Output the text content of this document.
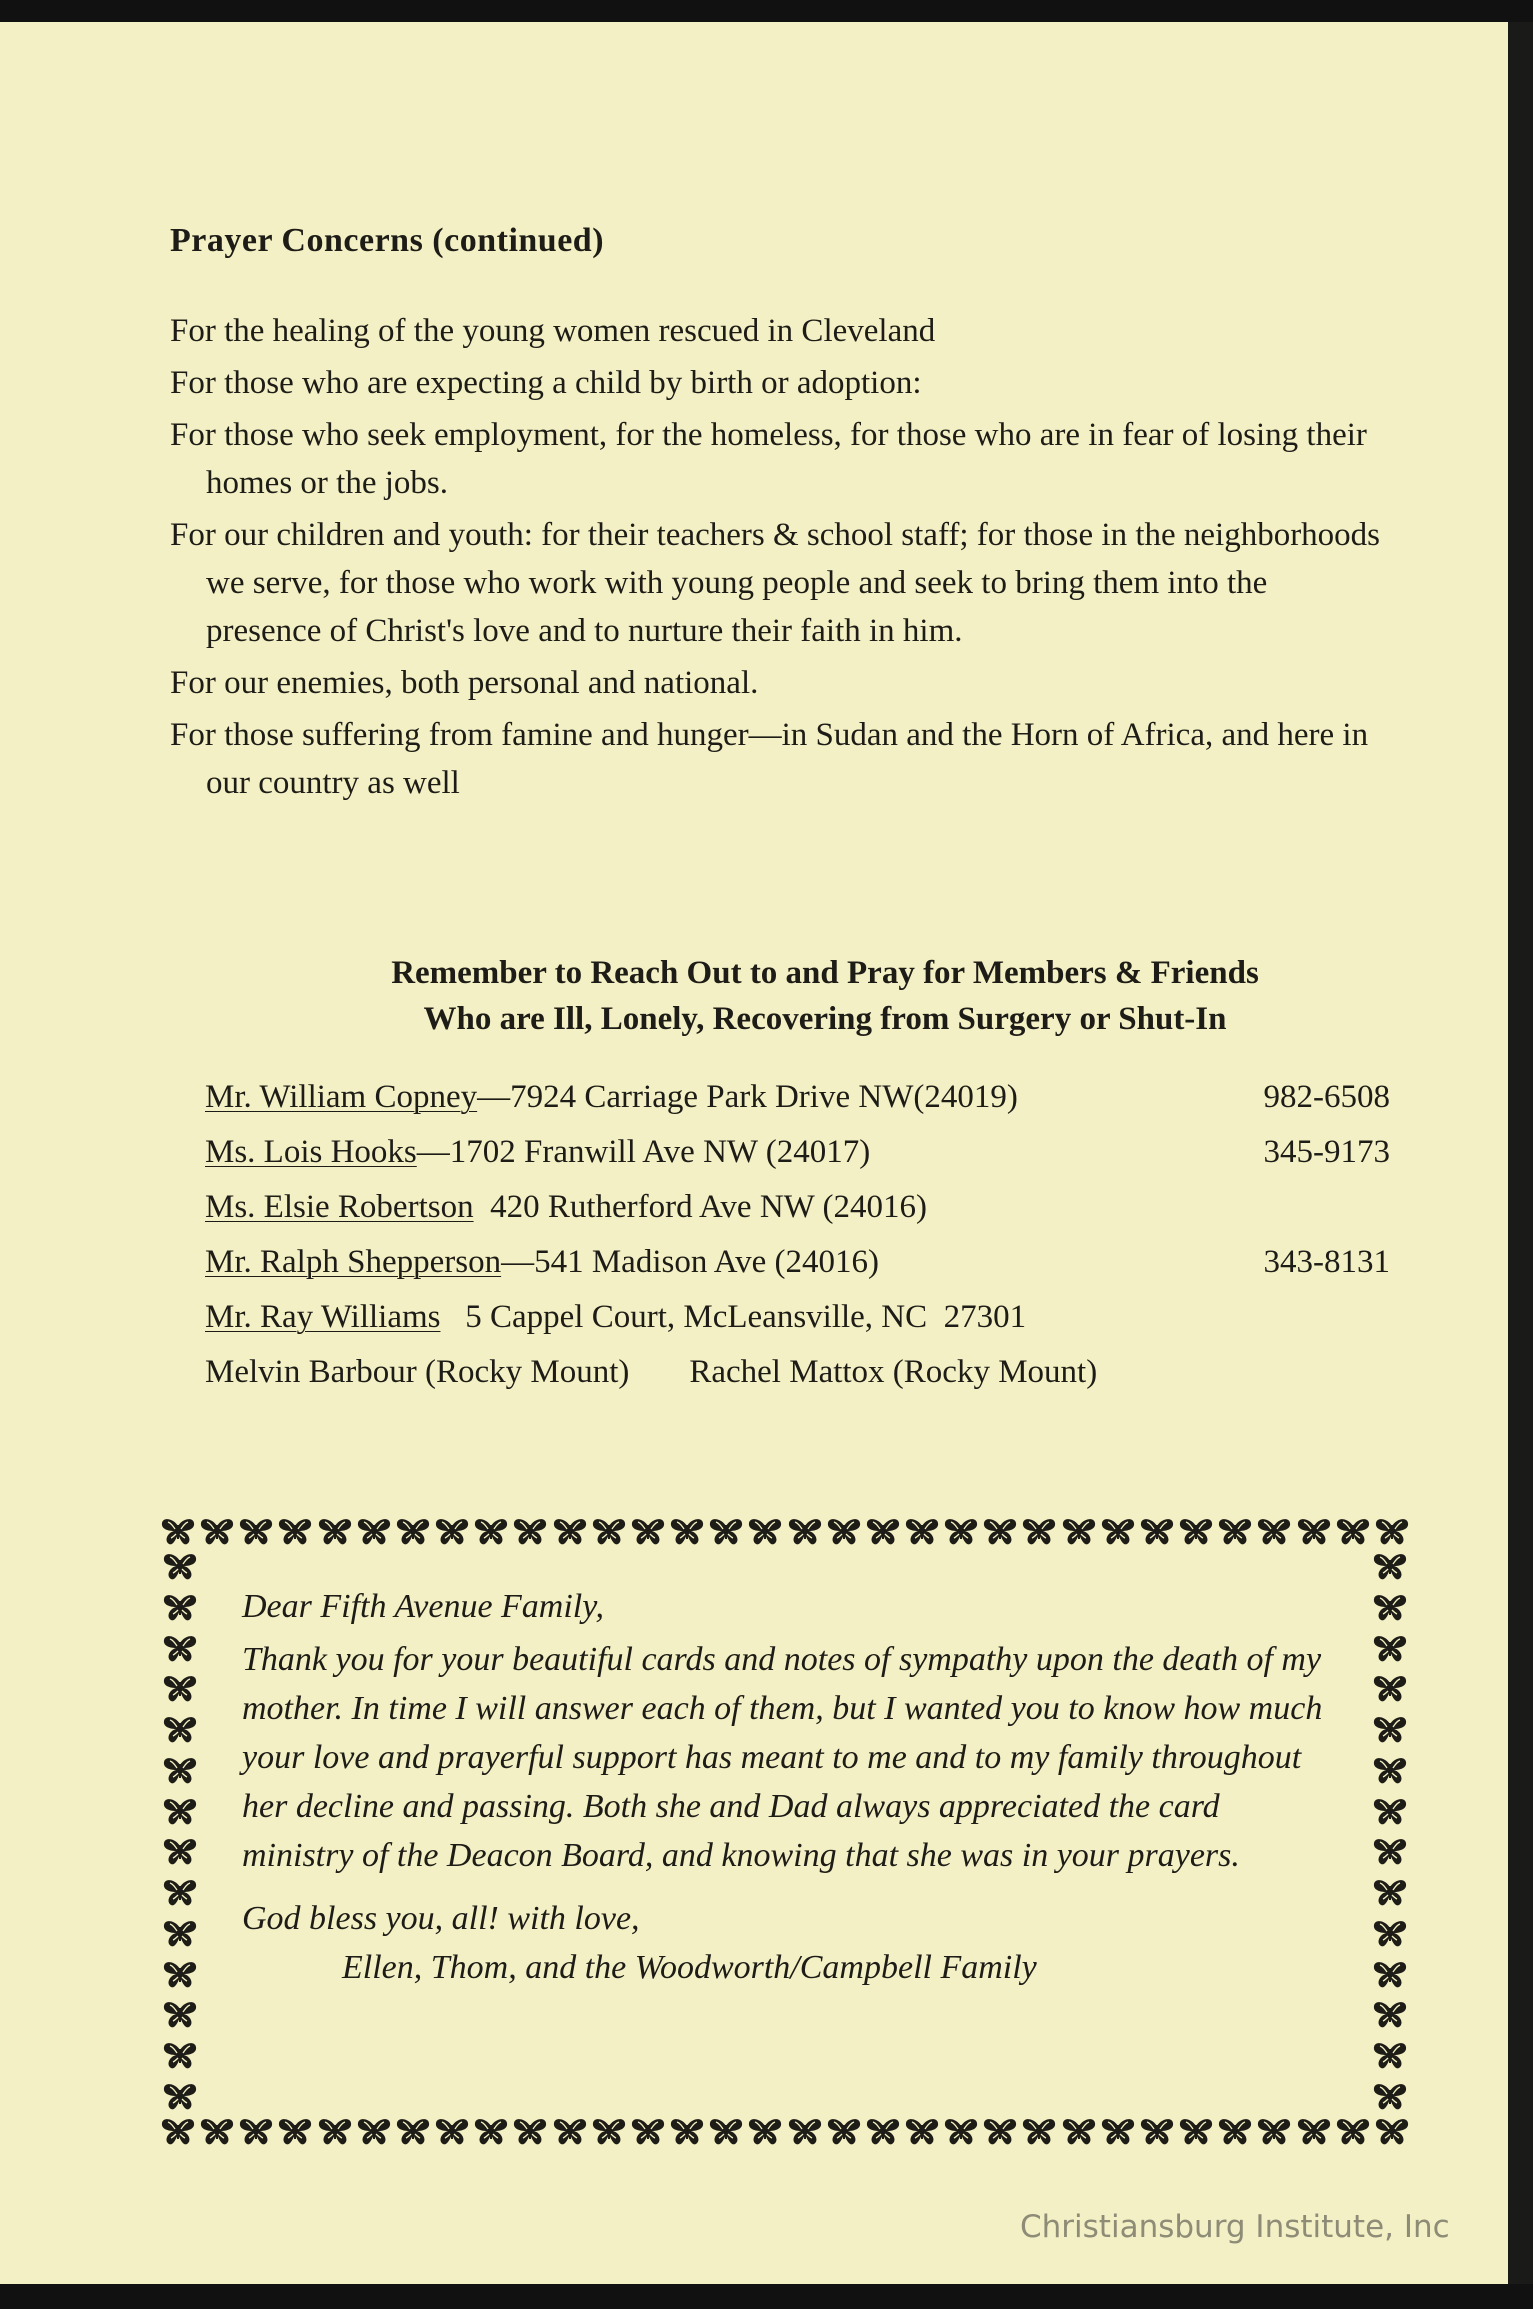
Prayer Concerns (continued)

For the healing of the young women rescued in Cleveland

For those who are expecting a child by birth or adoption:

For those who seek employment, for the homeless, for those who are in fear of losing their homes or the jobs.

For our children and youth: for their teachers & school staff; for those in the neighborhoods we serve, for those who work with young people and seek to bring them into the presence of Christ's love and to nurture their faith in him.

For our enemies, both personal and national.

For those suffering from famine and hunger—in Sudan and the Horn of Africa, and here in our country as well

Remember to Reach Out to and Pray for Members & Friends
Who are Ill, Lonely, Recovering from Surgery or Shut-In
Mr. William Copney—7924 Carriage Park Drive NW(24019)	982-6508
Ms. Lois Hooks—1702 Franwill Ave NW (24017)	345-9173
Ms. Elsie Robertson  420 Rutherford Ave NW (24016)
Mr. Ralph Shepperson—541 Madison Ave (24016)	343-8131
Mr. Ray Williams   5 Cappel Court, McLeansville, NC  27301
Melvin Barbour (Rocky Mount) Rachel Mattox (Rocky Mount)

Dear Fifth Avenue Family,

Thank you for your beautiful cards and notes of sympathy upon the death of my mother. In time I will answer each of them, but I wanted you to know how much your love and prayerful support has meant to me and to my family throughout her decline and passing. Both she and Dad always appreciated the card ministry of the Deacon Board, and knowing that she was in your prayers.

God bless you, all! with love,

Ellen, Thom, and the Woodworth/Campbell Family

Christiansburg Institute, Inc
